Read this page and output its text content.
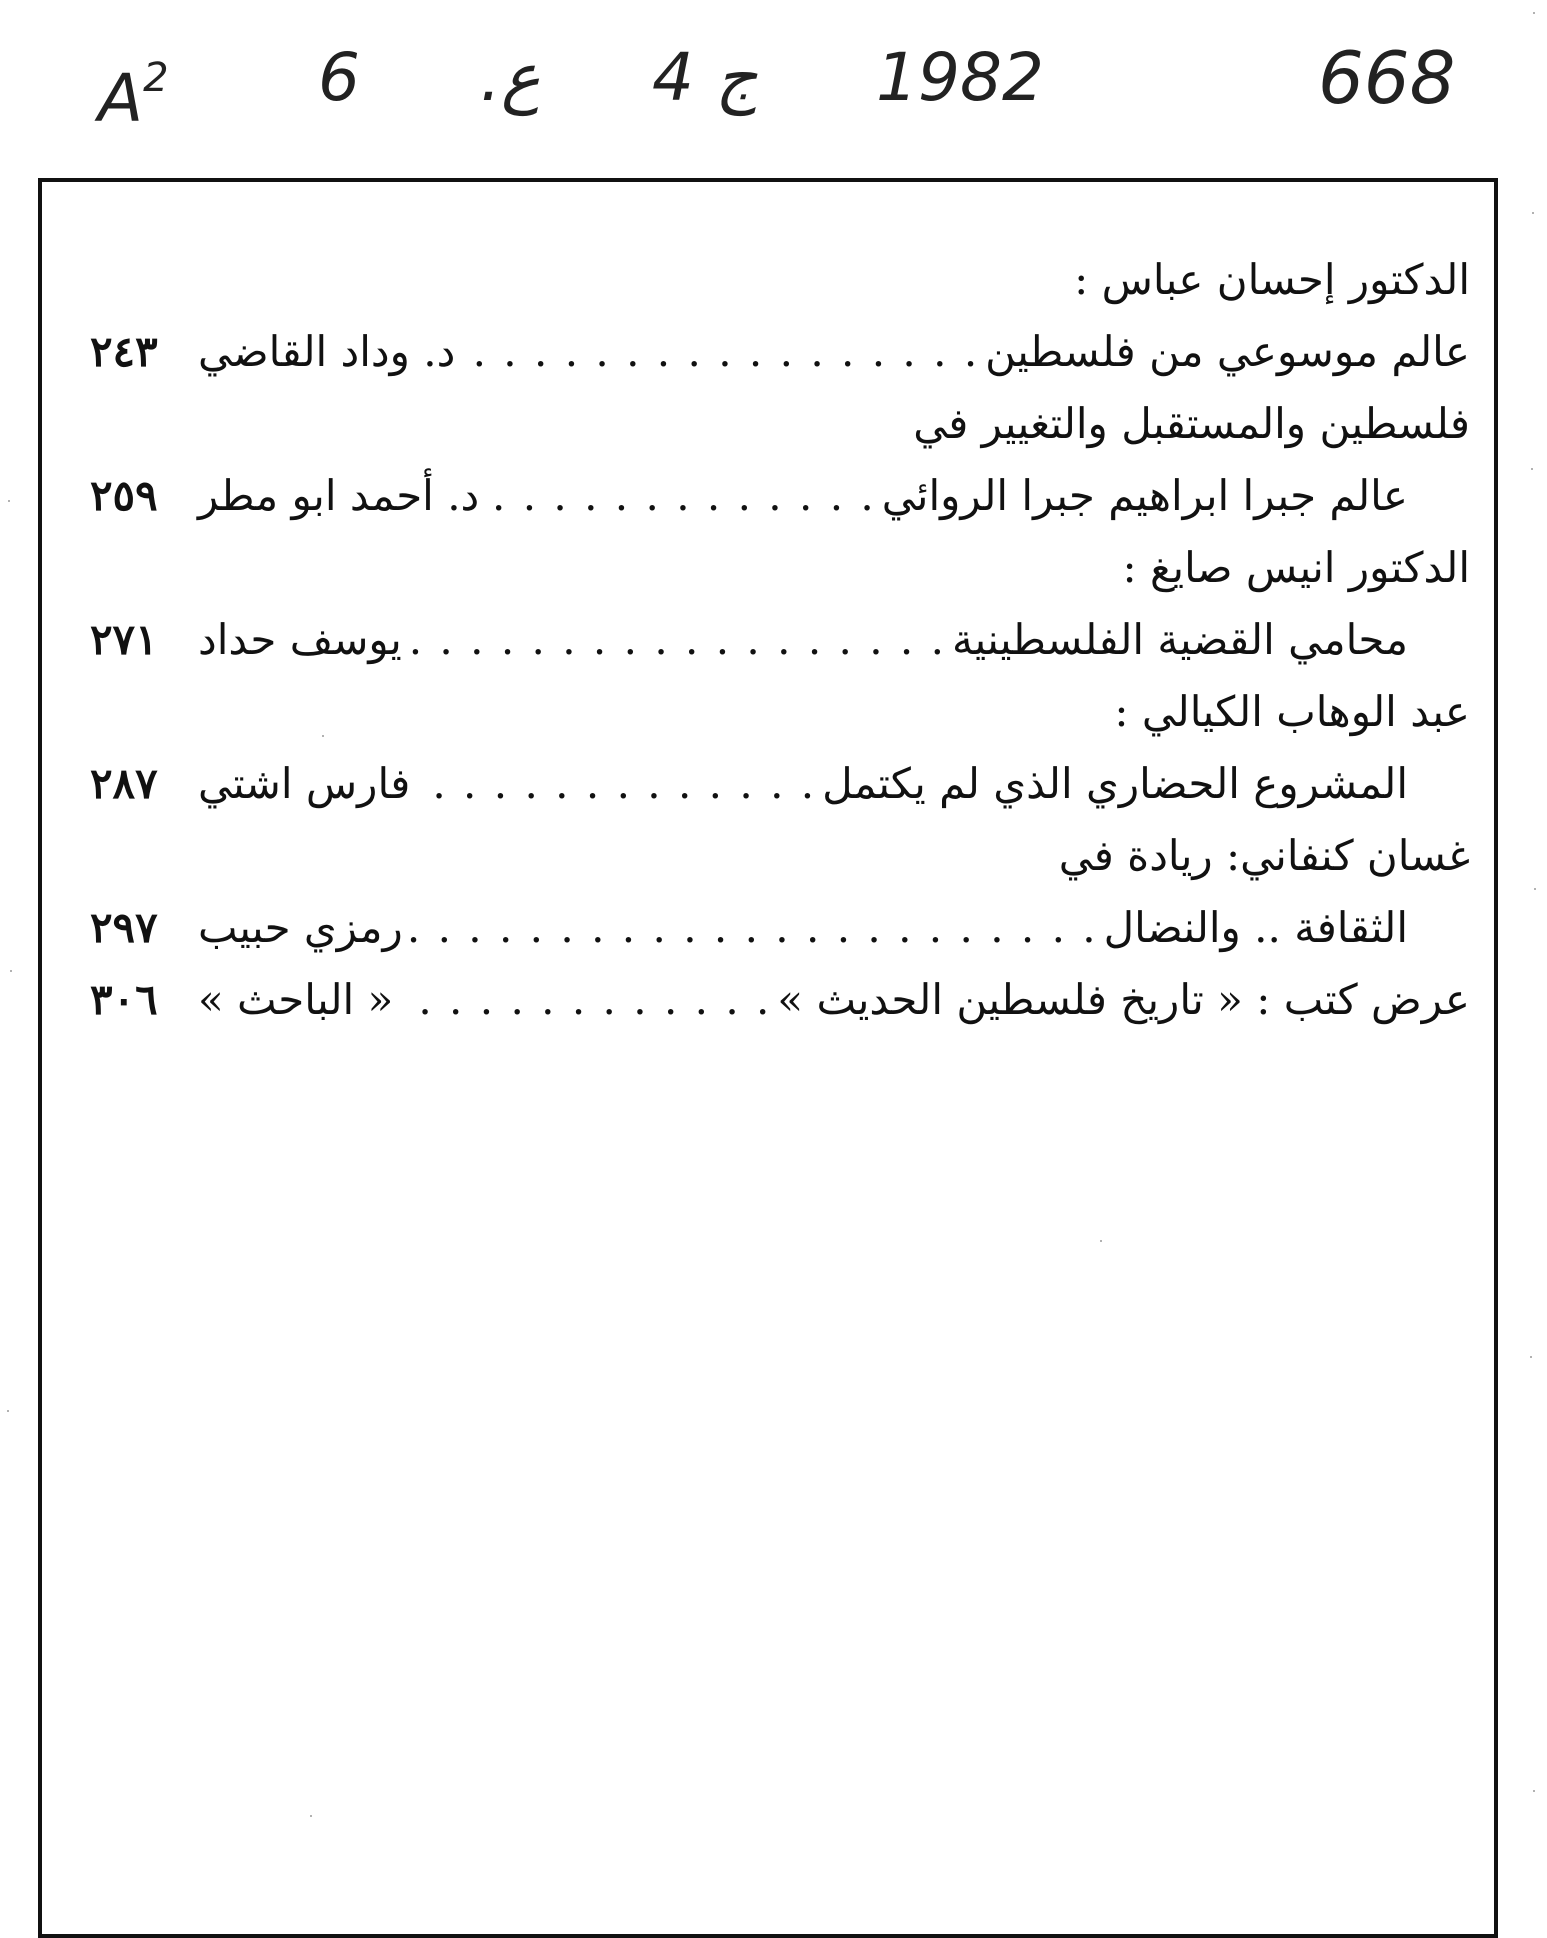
$A^2$ 6 ع. ج 4 1982	668
الدكتور إحسان عباس :
عالم موسوعي من فلسطين
. . .
د. وداد القاضي
٢٤٣
فلسطين والمستقبل والتغيير في
عالم جبرا ابراهيم جبرا الروائي
. . .
د. أحمد ابو مطر
٢٥٩
الدكتور انيس صايغ :
محامي القضية الفلسطينية
. . .
يوسف حداد
٢٧١
عبد الوهاب الكيالي :
المشروع الحضاري الذي لم يكتمل
. . .
فارس اشتي
٢٨٧
غسان كنفاني: ريادة في
الثقافة .. والنضال
. . .
رمزي حبيب
٢٩٧
عرض كتب : « تاريخ فلسطين الحديث »
. . .
« الباحث »
٣٠٦
